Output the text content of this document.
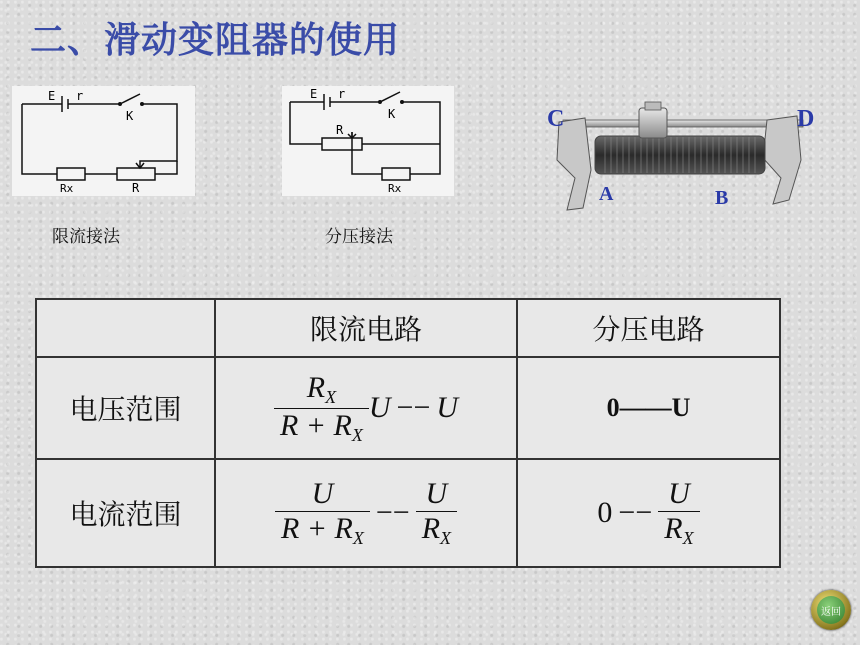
二、滑动变阻器的使用
E r
K
Rx	R
E r
K
R
Rx
限流接法	分压接法
C	D
A	B
	限流电路	分压电路
电压范围	$\frac{R_X}{R + R_X}$ U −− U	0——U
电流范围	$\frac{U}{R + R_X} -- \frac{U}{R_X}$	$0 -- \frac{U}{R_X}$
返回
